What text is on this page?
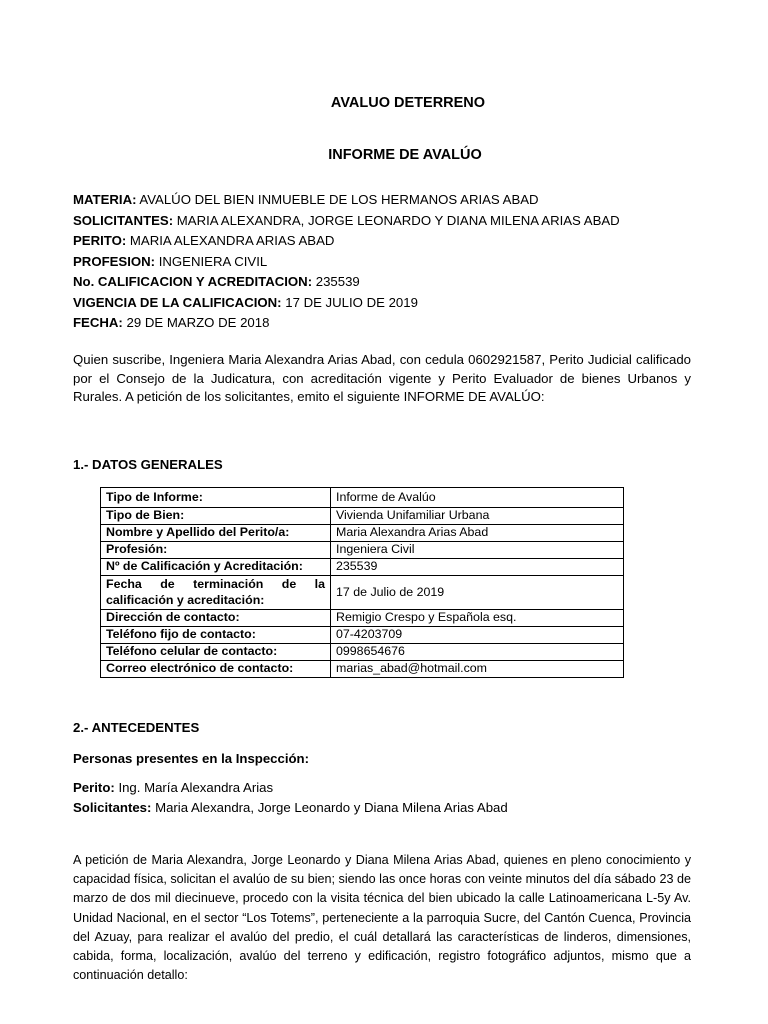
AVALUO DETERRENO
INFORME DE AVALÚO
MATERIA: AVALÚO DEL BIEN INMUEBLE DE LOS HERMANOS ARIAS ABAD
SOLICITANTES: MARIA ALEXANDRA, JORGE LEONARDO Y DIANA MILENA ARIAS ABAD
PERITO: MARIA ALEXANDRA ARIAS ABAD
PROFESION: INGENIERA CIVIL
No. CALIFICACION Y ACREDITACION: 235539
VIGENCIA DE LA CALIFICACION: 17 DE JULIO DE 2019
FECHA: 29 DE MARZO DE 2018
Quien suscribe, Ingeniera Maria Alexandra Arias Abad, con cedula 0602921587, Perito Judicial calificado por el Consejo de la Judicatura, con acreditación vigente y Perito Evaluador de bienes Urbanos y Rurales. A petición de los solicitantes, emito el siguiente INFORME DE AVALÚO:
1.- DATOS GENERALES
Tipo de Informe:	Informe de Avalúo
Tipo de Bien:	Vivienda Unifamiliar Urbana
Nombre y Apellido del Perito/a:	Maria Alexandra Arias Abad
Profesión:	Ingeniera Civil
Nº de Calificación y Acreditación:	235539
Fecha de terminación de la calificación y acreditación:	17 de Julio de 2019
Dirección de contacto:	Remigio Crespo y Española esq.
Teléfono fijo de contacto:	07-4203709
Teléfono celular de contacto:	0998654676
Correo electrónico de contacto:	marias_abad@hotmail.com
2.- ANTECEDENTES
Personas presentes en la Inspección:
Perito: Ing. María Alexandra Arias
Solicitantes: Maria Alexandra, Jorge Leonardo y Diana Milena Arias Abad
A petición de Maria Alexandra, Jorge Leonardo y Diana Milena Arias Abad, quienes en pleno conocimiento y capacidad física, solicitan el avalúo de su bien; siendo las once horas con veinte minutos del día sábado 23 de marzo de dos mil diecinueve, procedo con la visita técnica del bien ubicado la calle Latinoamericana L-5y Av. Unidad Nacional, en el sector “Los Totems”, perteneciente a la parroquia Sucre, del Cantón Cuenca, Provincia del Azuay, para realizar el avalúo del predio, el cuál detallará las características de linderos, dimensiones, cabida, forma, localización, avalúo del terreno y edificación, registro fotográfico adjuntos, mismo que a continuación detallo:
